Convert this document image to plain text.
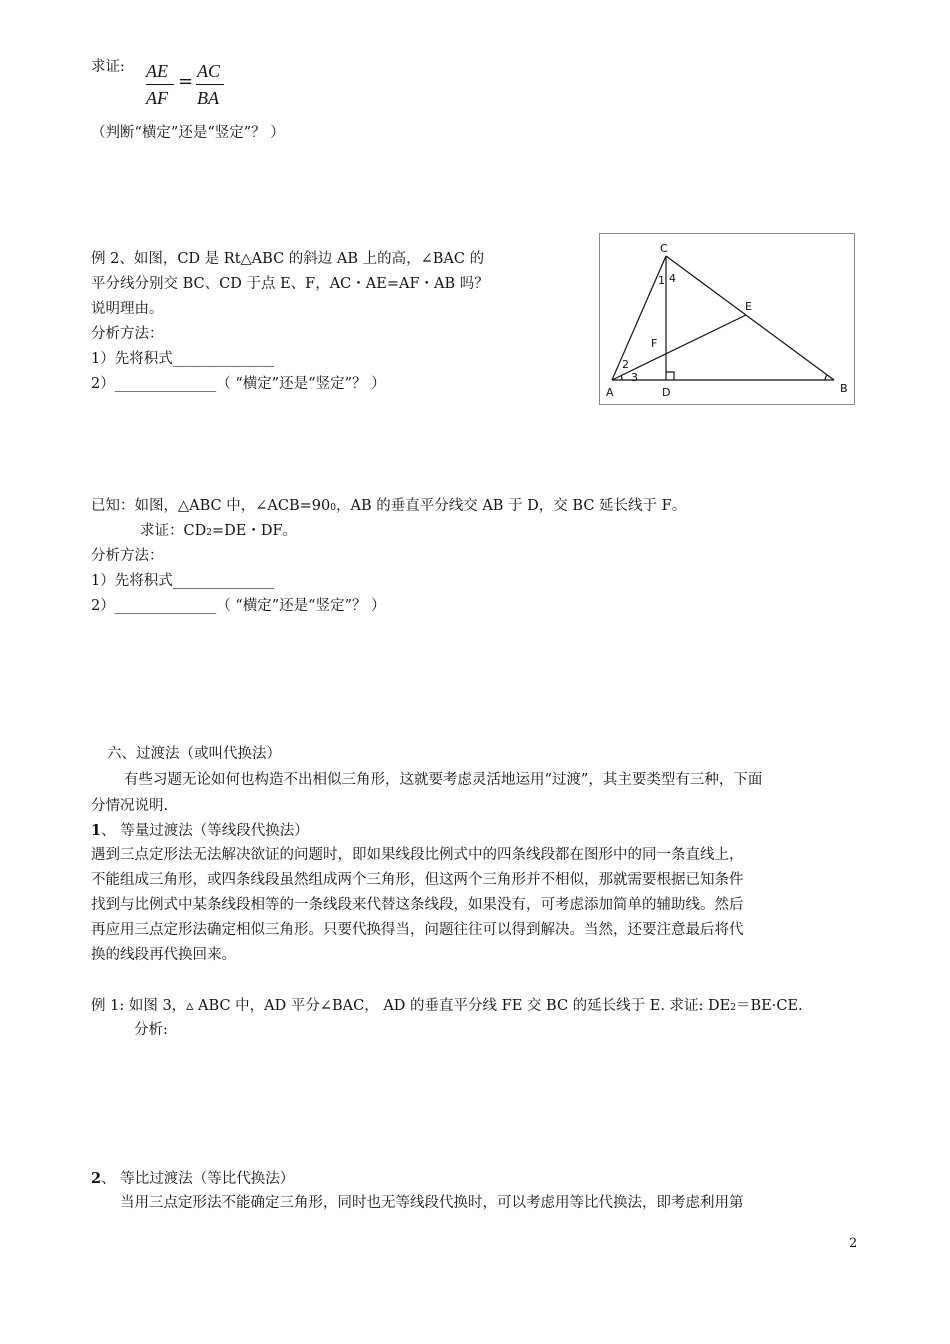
求证: AE
AF
= AC
BA
（判断“横定”还是“竖定”？ ）
例 2、如图，CD 是 Rt△ABC 的斜边 AB 上的高，∠BAC 的
平分线分别交 BC、CD 于点 E、F，AC・AE=AF・AB 吗？
说明理由。
分析方法：
1）先将积式______________
2）______________（ “横定”还是“竖定”？ ）
C
4
1
E
F
2
3
A	D	B
已知：如图，△ABC 中，∠ACB=900，AB 的垂直平分线交 AB 于 D，交 BC 延长线于 F。
求证：CD2=DE・DF。
分析方法：
1）先将积式______________
2）______________（ “横定”还是“竖定”？ ）
六、过渡法（或叫代换法）
有些习题无论如何也构造不出相似三角形，这就要考虑灵活地运用“过渡”，其主要类型有三种，下面
分情况说明.
1、 等量过渡法（等线段代换法）
遇到三点定形法无法解决欲证的问题时，即如果线段比例式中的四条线段都在图形中的同一条直线上，
不能组成三角形，或四条线段虽然组成两个三角形，但这两个三角形并不相似，那就需要根据已知条件
找到与比例式中某条线段相等的一条线段来代替这条线段，如果没有，可考虑添加简单的辅助线。然后
再应用三点定形法确定相似三角形。只要代换得当，问题往往可以得到解决。当然，还要注意最后将代
换的线段再代换回来。
例 1: 如图 3，▵ ABC 中，AD 平分∠BAC， AD 的垂直平分线 FE 交 BC 的延长线于 E. 求证: DE2＝BE·CE.
分析:
2、 等比过渡法（等比代换法）
当用三点定形法不能确定三角形，同时也无等线段代换时，可以考虑用等比代换法，即考虑利用第
2
